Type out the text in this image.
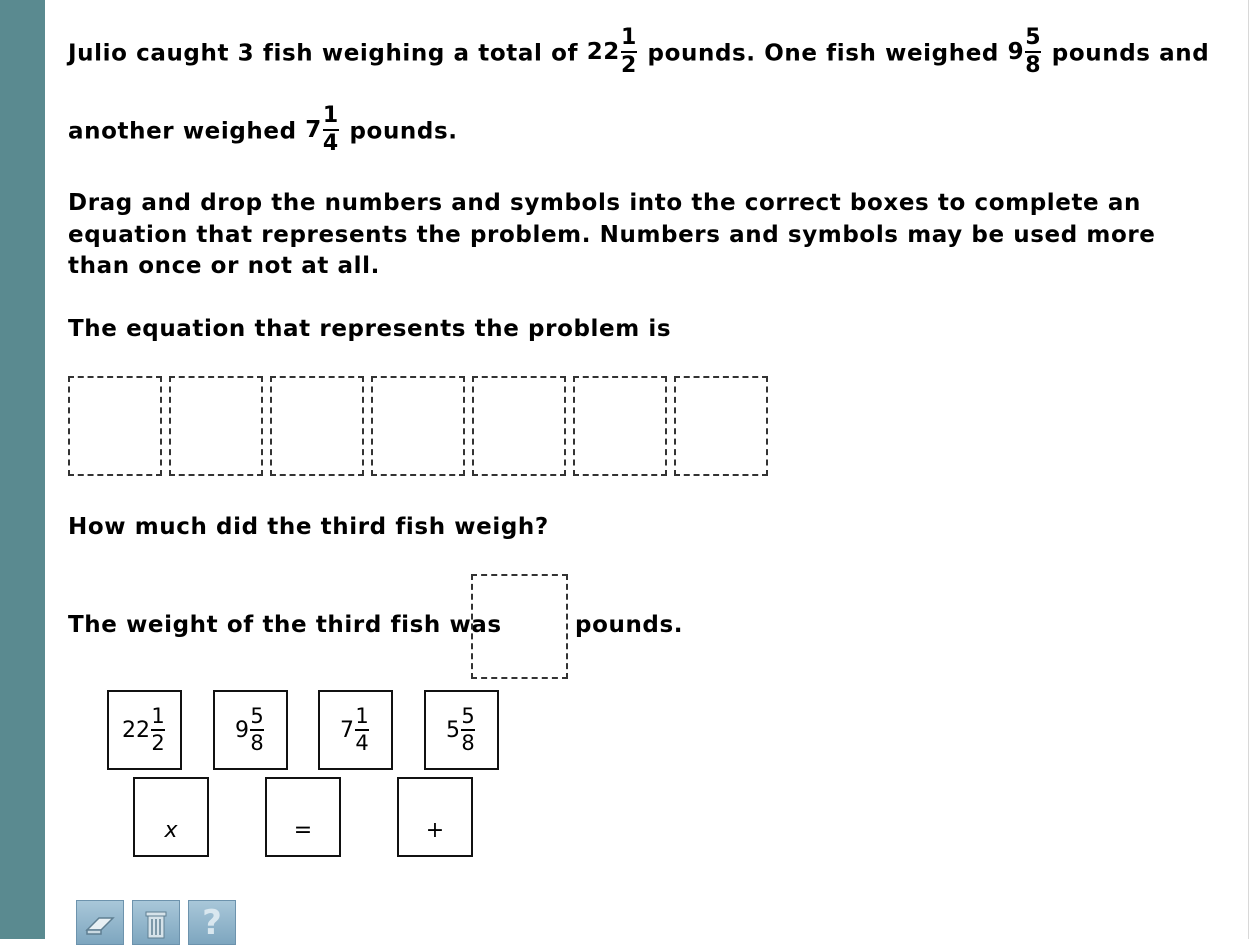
Julio caught 3 fish weighing a total of $22 \frac{1}{2}$ pounds. One fish weighed $9 \frac{5}{8}$ pounds and
another weighed $7 \frac{1}{4}$ pounds.
Drag and drop the numbers and symbols into the correct boxes to complete an equation that represents the problem. Numbers and symbols may be used more than once or not at all.
The equation that represents the problem is
How much did the third fish weigh?
The weight of the third fish was	pounds.
$22 \frac{1}{2}$	$9 \frac{5}{8}$	$7 \frac{1}{4}$	$5 \frac{5}{8}$
x	=	+
?
